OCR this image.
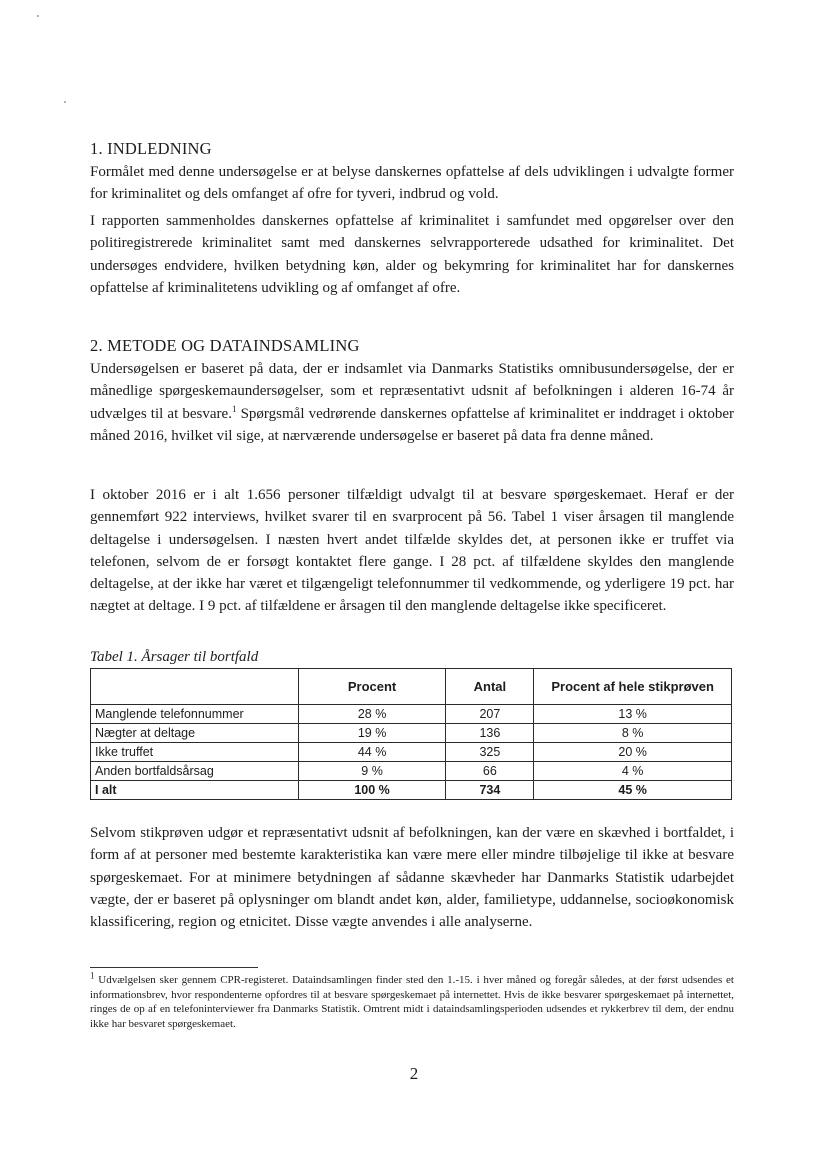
1. INDLEDNING

Formålet med denne undersøgelse er at belyse danskernes opfattelse af dels udviklingen i udvalgte former for kriminalitet og dels omfanget af ofre for tyveri, indbrud og vold.

I rapporten sammenholdes danskernes opfattelse af kriminalitet i samfundet med opgørelser over den politiregistrerede kriminalitet samt med danskernes selvrapporterede udsathed for kriminalitet. Det undersøges endvidere, hvilken betydning køn, alder og bekymring for kriminalitet har for danskernes opfattelse af kriminalitetens udvikling og af omfanget af ofre.

2. METODE OG DATAINDSAMLING

Undersøgelsen er baseret på data, der er indsamlet via Danmarks Statistiks omnibusundersøgelse, der er månedlige spørgeskemaundersøgelser, som et repræsentativt udsnit af befolkningen i alderen 16-74 år udvælges til at besvare.$^1$ Spørgsmål vedrørende danskernes opfattelse af kriminalitet er inddraget i oktober måned 2016, hvilket vil sige, at nærværende undersøgelse er baseret på data fra denne måned.

I oktober 2016 er i alt 1.656 personer tilfældigt udvalgt til at besvare spørgeskemaet. Heraf er der gennemført 922 interviews, hvilket svarer til en svarprocent på 56. Tabel 1 viser årsagen til manglende deltagelse i undersøgelsen. I næsten hvert andet tilfælde skyldes det, at personen ikke er truffet via telefonen, selvom de er forsøgt kontaktet flere gange. I 28 pct. af tilfældene skyldes den manglende deltagelse, at der ikke har været et tilgængeligt telefonnummer til vedkommende, og yderligere 19 pct. har nægtet at deltage. I 9 pct. af tilfældene er årsagen til den manglende deltagelse ikke specificeret.

Tabel 1. Årsager til bortfald
	Procent	Antal	Procent af hele stikprøven
Manglende telefonnummer	28 %	207	13 %
Nægter at deltage	19 %	136	8 %
Ikke truffet	44 %	325	20 %
Anden bortfaldsårsag	9 %	66	4 %
I alt	100 %	734	45 %

Selvom stikprøven udgør et repræsentativt udsnit af befolkningen, kan der være en skævhed i bortfaldet, i form af at personer med bestemte karakteristika kan være mere eller mindre tilbøjelige til ikke at besvare spørgeskemaet. For at minimere betydningen af sådanne skævheder har Danmarks Statistik udarbejdet vægte, der er baseret på oplysninger om blandt andet køn, alder, familietype, uddannelse, socioøkonomisk klassificering, region og etnicitet. Disse vægte anvendes i alle analyserne.

$^1$ Udvælgelsen sker gennem CPR-registeret. Dataindsamlingen finder sted den 1.-15. i hver måned og foregår således, at der først udsendes et informationsbrev, hvor respondenterne opfordres til at besvare spørgeskemaet på internettet. Hvis de ikke besvarer spørgeskemaet på internettet, ringes de op af en telefoninterviewer fra Danmarks Statistik. Omtrent midt i dataindsamlingsperioden udsendes et rykkerbrev til dem, der endnu ikke har besvaret spørgeskemaet.
2
